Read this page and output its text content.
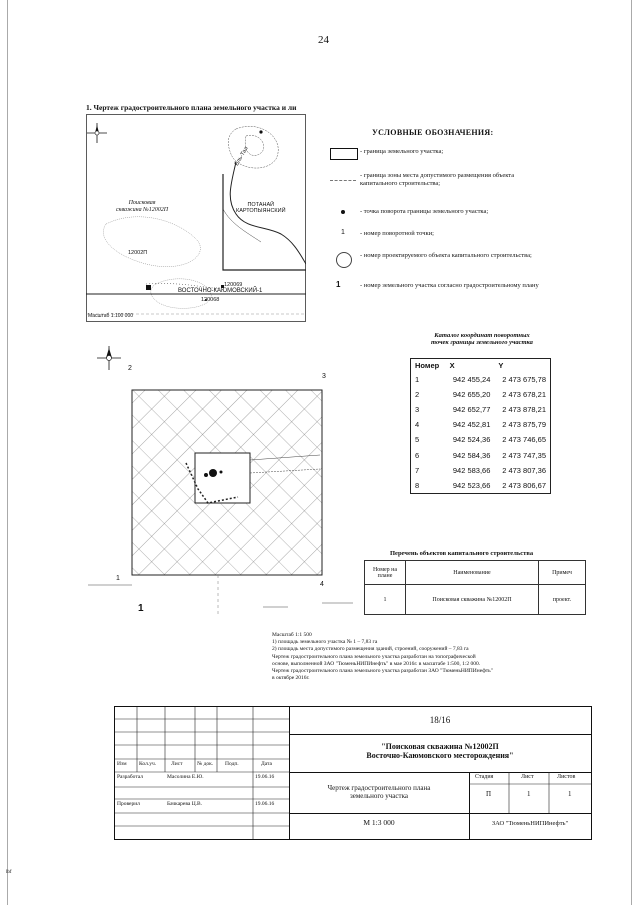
24
1. Чертеж градостроительного плана земельного участка и ли
Поисковая
скважина №12002П
12002П
120069
120068
ПОТАНАЙ
КАРТОПЫЯНСКИЙ
ВОСТОЧНО-КАЮМОВСКИЙ-1
Ёль-Тал
Масштаб 1:100 000
УСЛОВНЫЕ ОБОЗНАЧЕНИЯ:
1
1
- граница земельного участка;
- граница зоны места допустимого размещения объекта капитального строительства;
- точка поворота границы земельного участка;
- номер поворотной точки;
- номер проектируемого объекта капитального строительства;
- номер земельного участка согласно градостроительному плану
2
3
1
4
1
Каталог координат поворотных
точек границы земельного участка
Номер	X	Y
1	942 455,24	2 473 675,78
2	942 655,20	2 473 678,21
3	942 652,77	2 473 878,21
4	942 452,81	2 473 875,79
5	942 524,36	2 473 746,65
6	942 584,36	2 473 747,35
7	942 583,66	2 473 807,36
8	942 523,66	2 473 806,67
Перечень объектов капитального строительства
Номер на плане	Наименование	Примеч
1	Поисковая скважина №12002П	проект.
Масштаб 1:1 500
1) площадь земельного участка № 1 – 7,83 га
2) площадь места допустимого размещения зданий, строений, сооружений – 7,83 га
Чертеж градостроительного плана земельного участка разработан на топографической
основе, выполненной ЗАО "ТюменьНИПИнефть" в мае 2016г. в масштабе 1:500, 1:2 000.
Чертеж градостроительного плана земельного участка разработан ЗАО "ТюменьНИПИнефть"
в октябре 2016г.
Изм Кол.уч.	Лист	№ док. Подп.	Дата
Разработал	Масолина Е.Ю.	19.06.16
Проверил	Бачкарева Ц.В.	19.06.16
18/16
"Поисковая скважина №12002П
Восточно-Каюмовского месторождения"
Чертеж градостроительного плана
земельного участка
Стадия	Лист	Листов
П	1	1
М 1:3 000	ЗАО "ТюменьНИПИнефть"
lbf
